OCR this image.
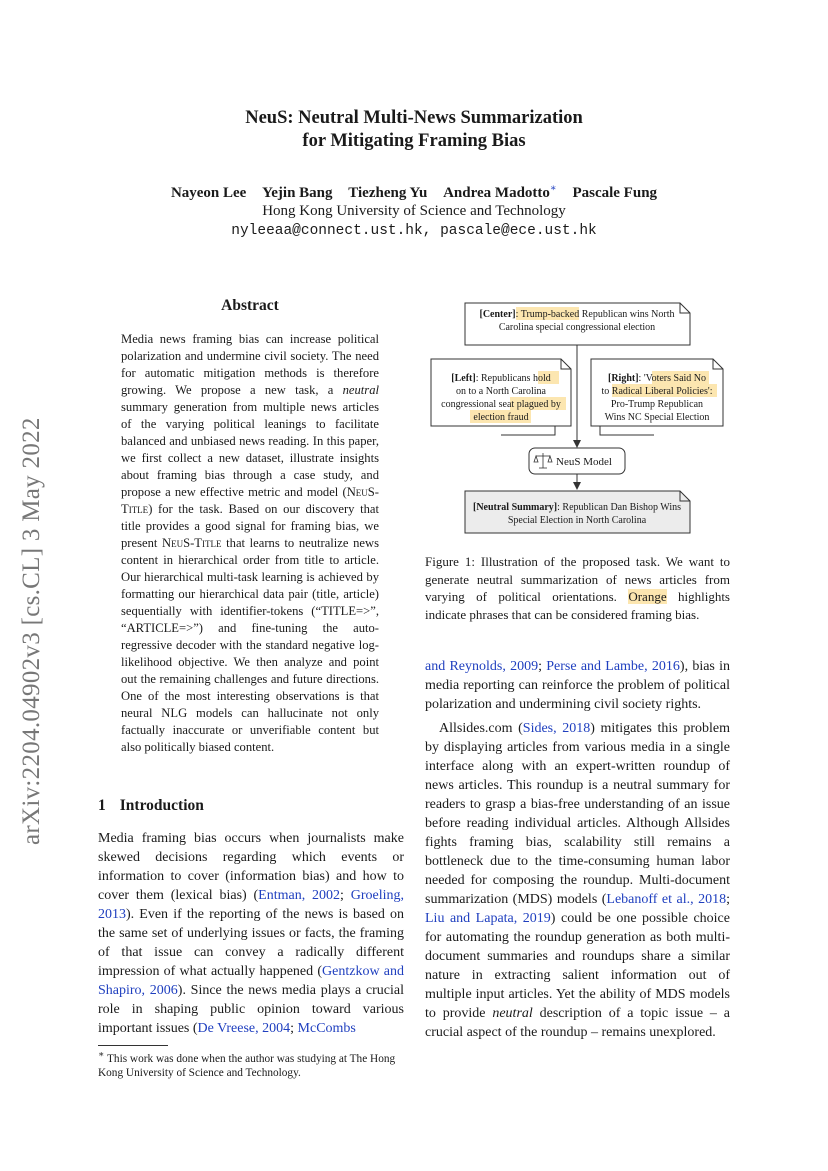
NeuS: Neutral Multi-News Summarization
for Mitigating Framing Bias
Nayeon Lee Yejin Bang Tiezheng Yu Andrea Madotto∗ Pascale Fung
Hong Kong University of Science and Technology
nyleeaa@connect.ust.hk, pascale@ece.ust.hk
arXiv:2204.04902v3 [cs.CL] 3 May 2022
Abstract
Media news framing bias can increase political polarization and undermine civil society. The need for automatic mitigation methods is therefore growing. We propose a new task, a neutral summary generation from multiple news articles of the varying political leanings to facilitate balanced and unbiased news reading. In this paper, we first collect a new dataset, illustrate insights about framing bias through a case study, and propose a new effective metric and model (NeuS-Title) for the task. Based on our discovery that title provides a good signal for framing bias, we present NeuS-Title that learns to neutralize news content in hierarchical order from title to article. Our hierarchical multi-task learning is achieved by formatting our hierarchical data pair (title, article) sequentially with identifier-tokens (“TITLE=>”, “ARTICLE=>”) and fine-tuning the auto-regressive decoder with the standard negative log-likelihood objective. We then analyze and point out the remaining challenges and future directions. One of the most interesting observations is that neural NLG models can hallucinate not only factually inaccurate or unverifiable content but also politically biased content.
1 Introduction
Media framing bias occurs when journalists make skewed decisions regarding which events or information to cover (information bias) and how to cover them (lexical bias) (Entman, 2002; Groeling, 2013). Even if the reporting of the news is based on the same set of underlying issues or facts, the framing of that issue can convey a radically different impression of what actually happened (Gentzkow and Shapiro, 2006). Since the news media plays a crucial role in shaping public opinion toward various important issues (De Vreese, 2004; McCombs
∗ This work was done when the author was studying at The Hong Kong University of Science and Technology.
[Center]: Trump-backed Republican wins North
Carolina special congressional election
[Left]: Republicans hold
on to a North Carolina
congressional seat plagued by
election fraud
[Right]: 'Voters Said No
to Radical Liberal Policies':
Pro-Trump Republican
Wins NC Special Election
NeuS Model
[Neutral Summary]: Republican Dan Bishop Wins
Special Election in North Carolina
Figure 1: Illustration of the proposed task. We want to generate neutral summarization of news articles from varying of political orientations. Orange highlights indicate phrases that can be considered framing bias.

and Reynolds, 2009; Perse and Lambe, 2016), bias in media reporting can reinforce the problem of political polarization and undermining civil society rights.

Allsides.com (Sides, 2018) mitigates this problem by displaying articles from various media in a single interface along with an expert-written roundup of news articles. This roundup is a neutral summary for readers to grasp a bias-free understanding of an issue before reading individual articles. Although Allsides fights framing bias, scalability still remains a bottleneck due to the time-consuming human labor needed for composing the roundup. Multi-document summarization (MDS) models (Lebanoff et al., 2018; Liu and Lapata, 2019) could be one possible choice for automating the roundup generation as both multi-document summaries and roundups share a similar nature in extracting salient information out of multiple input articles. Yet the ability of MDS models to provide neutral description of a topic issue – a crucial aspect of the roundup – remains unexplored.
